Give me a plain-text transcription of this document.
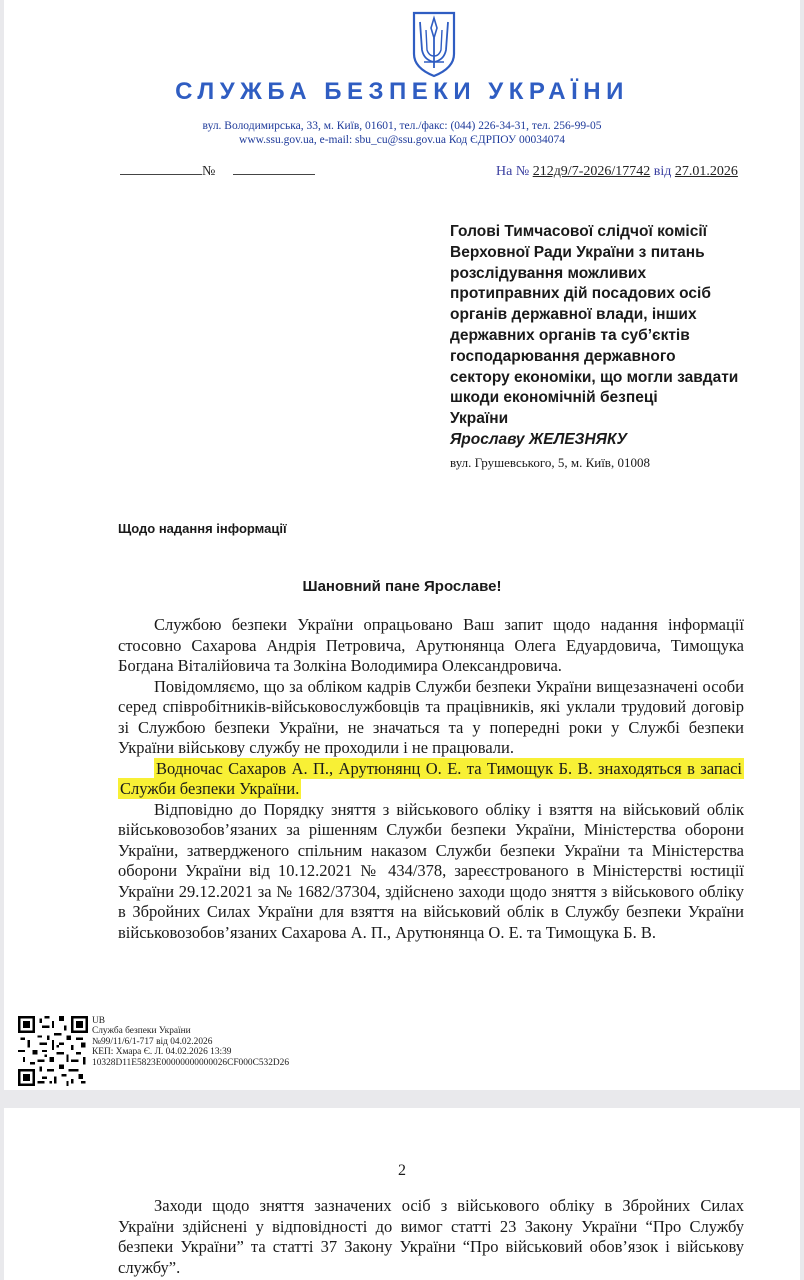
СЛУЖБА БЕЗПЕКИ УКРАЇНИ
вул. Володимирська, 33, м. Київ, 01601, тел./факс: (044) 226-34-31, тел. 256-99-05
www.ssu.gov.ua, e-mail: sbu_cu@ssu.gov.ua Код ЄДРПОУ 00034074
№	На № 212д9/7-2026/17742 від 27.01.2026
Голові Тимчасової слідчої комісії
Верховної Ради України з питань
розслідування можливих
протиправних дій посадових осіб
органів державної влади, інших
державних органів та суб’єктів
господарювання державного
сектору економіки, що могли завдати
шкоди економічній безпеці
України
Ярославу ЖЕЛЕЗНЯКУ
вул. Грушевського, 5, м. Київ, 01008
Щодо надання інформації
Шановний пане Ярославе!

Службою безпеки України опрацьовано Ваш запит щодо надання інформації стосовно Сахарова Андрія Петровича, Арутюнянца Олега Едуардовича, Тимощука Богдана Віталійовича та Золкіна Володимира Олександровича.

Повідомляємо, що за обліком кадрів Служби безпеки України вищезазначені особи серед співробітників-військовослужбовців та працівників, які уклали трудовий договір зі Службою безпеки України, не значаться та у попередні роки у Службі безпеки України військову службу не проходили і не працювали.

Водночас Сахаров А. П., Арутюнянц О. Е. та Тимощук Б. В. знаходяться в запасі Служби безпеки України.

Відповідно до Порядку зняття з військового обліку і взяття на військовий облік військовозобов’язаних за рішенням Служби безпеки України, Міністерства оборони України, затвердженого спільним наказом Служби безпеки України та Міністерства оборони України від 10.12.2021 № 434/378, зареєстрованого в Міністерстві юстиції України 29.12.2021 за № 1682/37304, здійснено заходи щодо зняття з військового обліку в Збройних Силах України для взяття на військовий облік в Службу безпеки України військовозобов’язаних Сахарова А. П., Арутюнянца О. Е. та Тимощука Б. В.

UB
Служба безпеки України
№99/11/6/1-717 від 04.02.2026
КЕП: Хмара Є. Л. 04.02.2026 13:39
10328D11E5823E00000000000026CF000C532D26
2

Заходи щодо зняття зазначених осіб з військового обліку в Збройних Силах України здійснені у відповідності до вимог статті 23 Закону України “Про Службу безпеки України” та статті 37 Закону України “Про військовий обов’язок і військову службу”.
